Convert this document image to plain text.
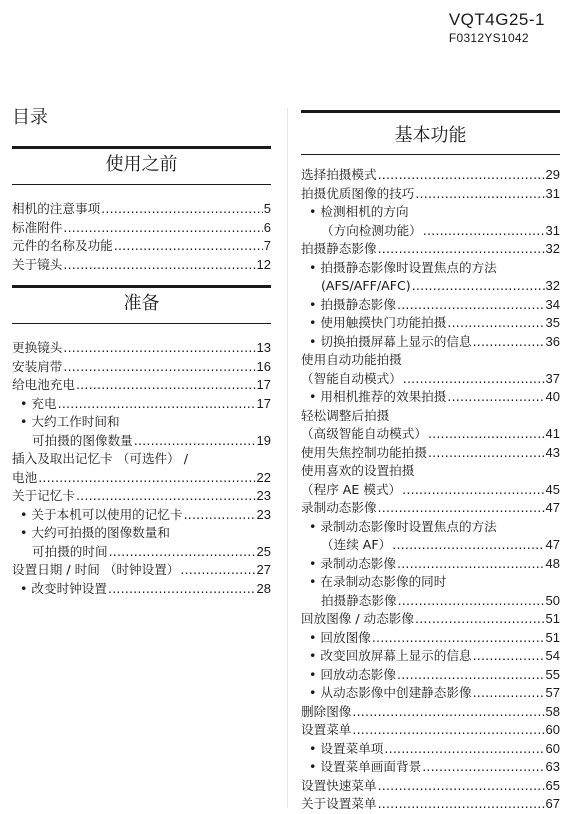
VQT4G25-1
F0312YS1042
目录
使用之前
相机的注意事项 .....	5
标准附件 .....	6
元件的名称及功能 .....	7
关于镜头 .....	12
准备
更换镜头 .....	13
安装肩带 .....	16
给电池充电 .....	17
• 充电 .....	17
• 大约工作时间和
可拍摄的图像数量 .....	19
插入及取出记忆卡 （可选件） /
电池 .....	22
关于记忆卡 .....	23
• 关于本机可以使用的记忆卡 .....	23
• 大约可拍摄的图像数量和
可拍摄的时间 .....	25
设置日期 / 时间 （时钟设置） .....	27
• 改变时钟设置 .....	28
基本功能
选择拍摄模式 .....	29
拍摄优质图像的技巧 .....	31
• 检测相机的方向
（方向检测功能） .....	31
拍摄静态影像 .....	32
• 拍摄静态影像时设置焦点的方法
(AFS/AFF/AFC) .....	32
• 拍摄静态影像 .....	34
• 使用触摸快门功能拍摄 .....	35
• 切换拍摄屏幕上显示的信息 .....	36
使用自动功能拍摄
（智能自动模式） .....	37
• 用相机推荐的效果拍摄 .....	40
轻松调整后拍摄
（高级智能自动模式） .....	41
使用失焦控制功能拍摄 .....	43
使用喜欢的设置拍摄
（程序 AE 模式） .....	45
录制动态影像 .....	47
• 录制动态影像时设置焦点的方法
（连续 AF） .....	47
• 录制动态影像 .....	48
• 在录制动态影像的同时
拍摄静态影像 .....	50
回放图像 / 动态影像 .....	51
• 回放图像 .....	51
• 改变回放屏幕上显示的信息 .....	54
• 回放动态影像 .....	55
• 从动态影像中创建静态影像 .....	57
删除图像 .....	58
设置菜单 .....	60
• 设置菜单项 .....	60
• 设置菜单画面背景 .....	63
设置快速菜单 .....	65
关于设置菜单 .....	67
